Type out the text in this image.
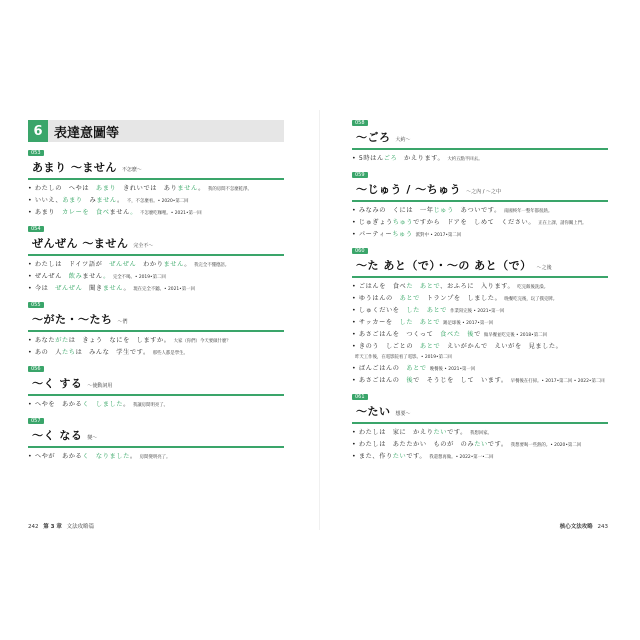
6 表達意圖等
053
あまり ～ません 不怎麼～
• わたしの　へやは　あまり　きれいでは　ありません。 我的房間不怎麼乾淨。
• いいえ、あまり　みません。 不，不怎麼看。• 2020•第二回
• あまり　カレーを　食べません。 不怎麼吃咖哩。• 2021•第一回
054
ぜんぜん ～ません 完全不～
• わたしは　ドイツ語が　ぜんぜん　わかりません。 我完全不懂德語。
• ぜんぜん　飲みません。 完全不喝。• 2019•第二回
• 今は　ぜんぜん　聞きません。 現在完全不聽。• 2021•第一回
055
～がた・～たち ～們
• あなたがたは　きょう　なにを　しますか。 大家（你們）今天要做什麼？
• あの　人たちは　みんな　学生です。 那些人都是學生。
056
～く する ～使動詞用
• へやを　あかるく　しました。 我讓房間明亮了。
057
～く なる 變～
• へやが　あかるく　なりました。 房間變明亮了。
058
～ごろ 大約～
• 5時はんごろ　かえります。 大約五點半回去。
059
～じゅう / ～ちゅう ～之內 / ～之中
• みなみの　くには　一年じゅう　あついです。 南國終年一整年都很熱。
• じゅぎょうちゅうですから　ドアを　しめて　ください。 正在上課，請你關上門。
• パーティーちゅう 派對中 • 2017•第二回
060
～た あと（で）・～の あと（で） ～之後
• ごはんを　食べた　あとで、おふろに　入ります。 吃完飯後洗澡。
• ゆうはんの　あとで　トランプを　しました。 晚餐吃完後，玩了撲克牌。
• しゅくだいを　した　あとで 作業寫完後 • 2021•第一回
• サッカーを　した　あとで 踢足球後 • 2017•第一回
• あさごはんを　つくって　食べた　後で 做早餐並吃完後 • 2018•第二回
• きのう　しごとの　あとで　えいがかんで　えいがを　見ました。
昨天工作後，在電影院看了電影。• 2019•第二回
• ばんごはんの　あとで 晚餐後 • 2021•第一回
• あさごはんの　後で　そうじを　して　います。 早餐後在打掃。• 2017•第二回 • 2022•第二回
061
～たい 想要～
• わたしは　家に　かえりたいです。 我想回家。
• わたしは　あたたかい　ものが　のみたいです。 我想要喝一些熱的。• 2020•第二回
• また、作りたいです。 我還想再做。• 2022•第一•二回
242 第 3 章 文法攻略篇	核心文法攻略 243
